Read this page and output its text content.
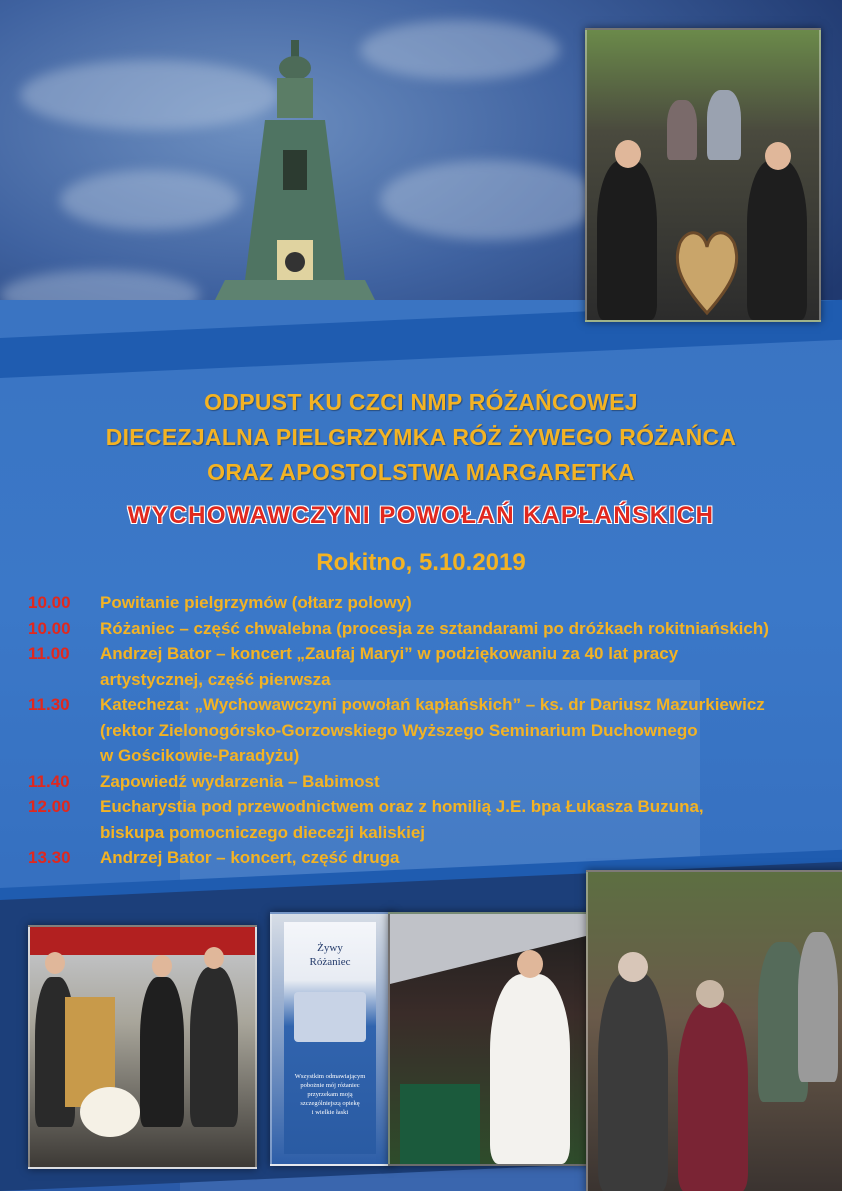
Żywy
Różaniec
Wszystkim odmawiającym
pobożnie mój różaniec
przyrzekam moją
szczególniejszą opiekę
i wielkie łaski
ODPUST KU CZCI NMP RÓŻAŃCOWEJ
DIECEZJALNA PIELGRZYMKA RÓŻ ŻYWEGO RÓŻAŃCA
ORAZ APOSTOLSTWA MARGARETKA
WYCHOWAWCZYNI POWOŁAŃ KAPŁAŃSKICH
Rokitno, 5.10.2019
10.00	Powitanie pielgrzymów (ołtarz polowy)
10.00	Różaniec – część chwalebna (procesja ze sztandarami po dróżkach rokitniańskich)
11.00	Andrzej Bator – koncert „Zaufaj Maryi” w podziękowaniu za 40 lat pracy
artystycznej, część pierwsza
11.30	Katecheza: „Wychowawczyni powołań kapłańskich” – ks. dr Dariusz Mazurkiewicz
(rektor Zielonogórsko-Gorzowskiego Wyższego Seminarium Duchownego
w Gościkowie-Paradyżu)
11.40	Zapowiedź wydarzenia – Babimost
12.00	Eucharystia pod przewodnictwem oraz z homilią J.E. bpa Łukasza Buzuna,
biskupa pomocniczego diecezji kaliskiej
13.30	Andrzej Bator – koncert, część druga
